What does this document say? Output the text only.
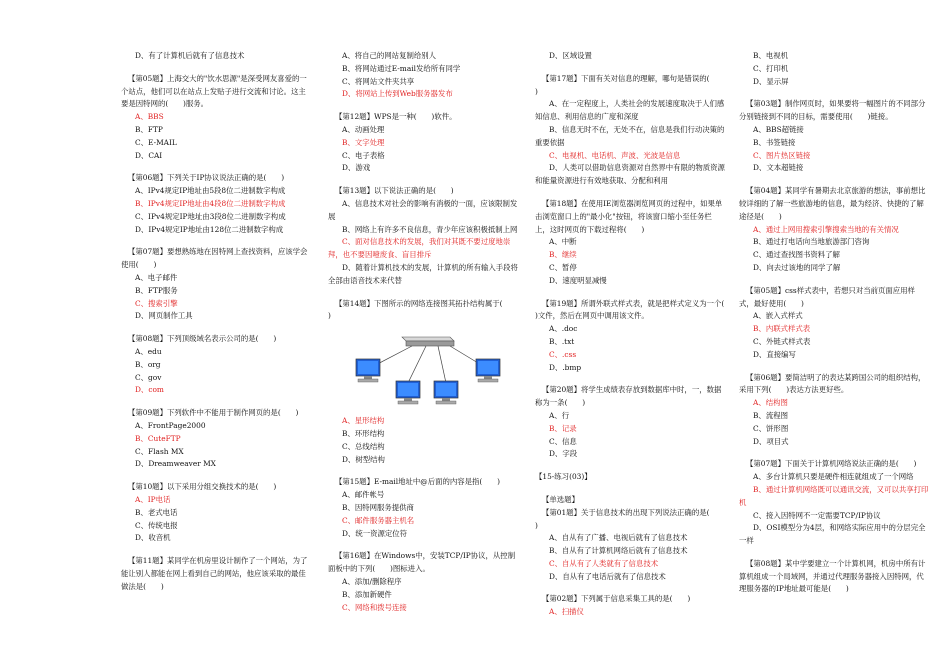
D、有了计算机后就有了信息技术

【第05题】上海交大的"饮水思源"是深受网友喜爱的一个站点，他们可以在站点上发贴子进行交流和讨论。这主要是因特网的(　　)服务。

A、BBS

B、FTP

C、E-MAIL

D、CAI

【第06题】下列关于IP协议说法正确的是(　　)

A、IPv4规定IP地址由5段8位二进制数字构成

B、IPv4规定IP地址由4段8位二进制数字构成

C、IPv4规定IP地址由3段8位二进制数字构成

D、IPv4规定IP地址由128位二进制数字构成

【第07题】要想熟练地在因特网上查找资料，应该学会使用(　　)

A、电子邮件

B、FTP服务

C、搜索引擎

D、网页制作工具

【第08题】下列顶级域名表示公司的是(　　)

A、edu

B、org

C、gov

D、com

【第09题】下列软件中不能用于制作网页的是(　　)

A、FrontPage2000

B、CuteFTP

C、Flash MX

D、Dreamweaver MX

【第10题】以下采用分组交换技术的是(　　)

A、IP电话

B、老式电话

C、传统电报

D、收音机

【第11题】某同学在机房里设计制作了一个网站，为了能让别人都能在网上看到自己的网站，他应该采取的最佳做法是(　　)

A、将自己的网站复制给别人

B、将网站通过E-mail发给所有同学

C、将网站文件夹共享

D、将网站上传到Web服务器发布

【第12题】WPS是一种(　　)软件。

A、动画处理

B、文字处理

C、电子表格

D、游戏

【第13题】以下说法正确的是(　　)

A、信息技术对社会的影响有消极的一面，应该限制发展

B、网络上有许多不良信息，青少年应该积极抵制上网

C、面对信息技术的发展，我们对其既不要过度地崇拜，也不要因噎废食、盲目排斥

D、随着计算机技术的发展，计算机的所有输入手段将全部由语音技术来代替

【第14题】下图所示的网络连接图其拓扑结构属于(　　)

A、星形结构

B、环形结构

C、总线结构

D、树型结构

【第15题】E-mail地址中@后面的内容是指(　　)

A、邮件帐号

B、因特网服务提供商

C、邮件服务器主机名

D、统一资源定位符

【第16题】在Windows中，安装TCP/IP协议，从控制面板中的下列(　　)图标进入。

A、添加/删除程序

B、添加新硬件

C、网络和拨号连接

D、区域设置

【第17题】下面有关对信息的理解，哪句是错误的(　　)

A、在一定程度上，人类社会的发展速度取决于人们感知信息、利用信息的广度和深度

B、信息无时不在，无处不在，信息是我们行动决策的重要依据

C、电视机、电话机、声波、光波是信息

D、人类可以借助信息资源对自然界中有限的物质资源和能量资源进行有效地获取、分配和利用

【第18题】在使用IE浏览器浏览网页的过程中，如果单击浏览窗口上的"最小化"按钮，将该窗口缩小至任务栏上，这时网页的下载过程将(　　)

A、中断

B、继续

C、暂停

D、速度明显减慢

【第19题】所谓外联式样式表，就是把样式定义为一个(　　)文件，然后在网页中调用该文件。

A、.doc

B、.txt

C、.css

D、.bmp

【第20题】将学生成绩表存放到数据库中时，一，数据称为一条(　　)

A、行

B、记录

C、信息

D、字段

【15-练习(03)】

【单选题】

【第01题】关于信息技术的出现下列说法正确的是(　　)

A、自从有了广播、电视后就有了信息技术

B、自从有了计算机网络后就有了信息技术

C、自从有了人类就有了信息技术

D、自从有了电话后就有了信息技术

【第02题】下列属于信息采集工具的是(　　)

A、扫描仪

B、电视机

C、打印机

D、显示屏

【第03题】制作网页时，如果要将一幅图片的不同部分分别链接到不同的目标，需要使用(　　)链接。

A、BBS超链接

B、书签链接

C、图片热区链接

D、文本超链接

【第04题】某同学有暑期去北京旅游的想法，事前想比较详细的了解一些旅游地的信息，最为经济、快捷的了解途径是(　　)

A、通过上网用搜索引擎搜索当地的有关情况

B、通过打电话向当地旅游部门咨询

C、通过查找图书资料了解

D、向去过该地的同学了解

【第05题】css样式表中，若想只对当前页面应用样式，最好使用(　　)

A、嵌入式样式

B、内联式样式表

C、外链式样式表

D、直接编写

【第06题】要简洁明了的表达某跨国公司的组织结构，采用下列(　　)表达方法更好些。

A、结构图

B、流程图

C、饼形图

D、项目式

【第07题】下面关于计算机网络说法正确的是(　　)

A、多台计算机只要是硬件相连就组成了一个网络

B、通过计算机网络既可以通讯交流，又可以共享打印机

C、接入因特网不一定需要TCP/IP协议

D、OSI模型分为4层，和网络实际应用中的分层完全一样

【第08题】某中学要建立一个计算机网，机房中所有计算机组成一个局域网，并通过代理服务器接入因特网，代理服务器的IP地址最可能是(　　)
